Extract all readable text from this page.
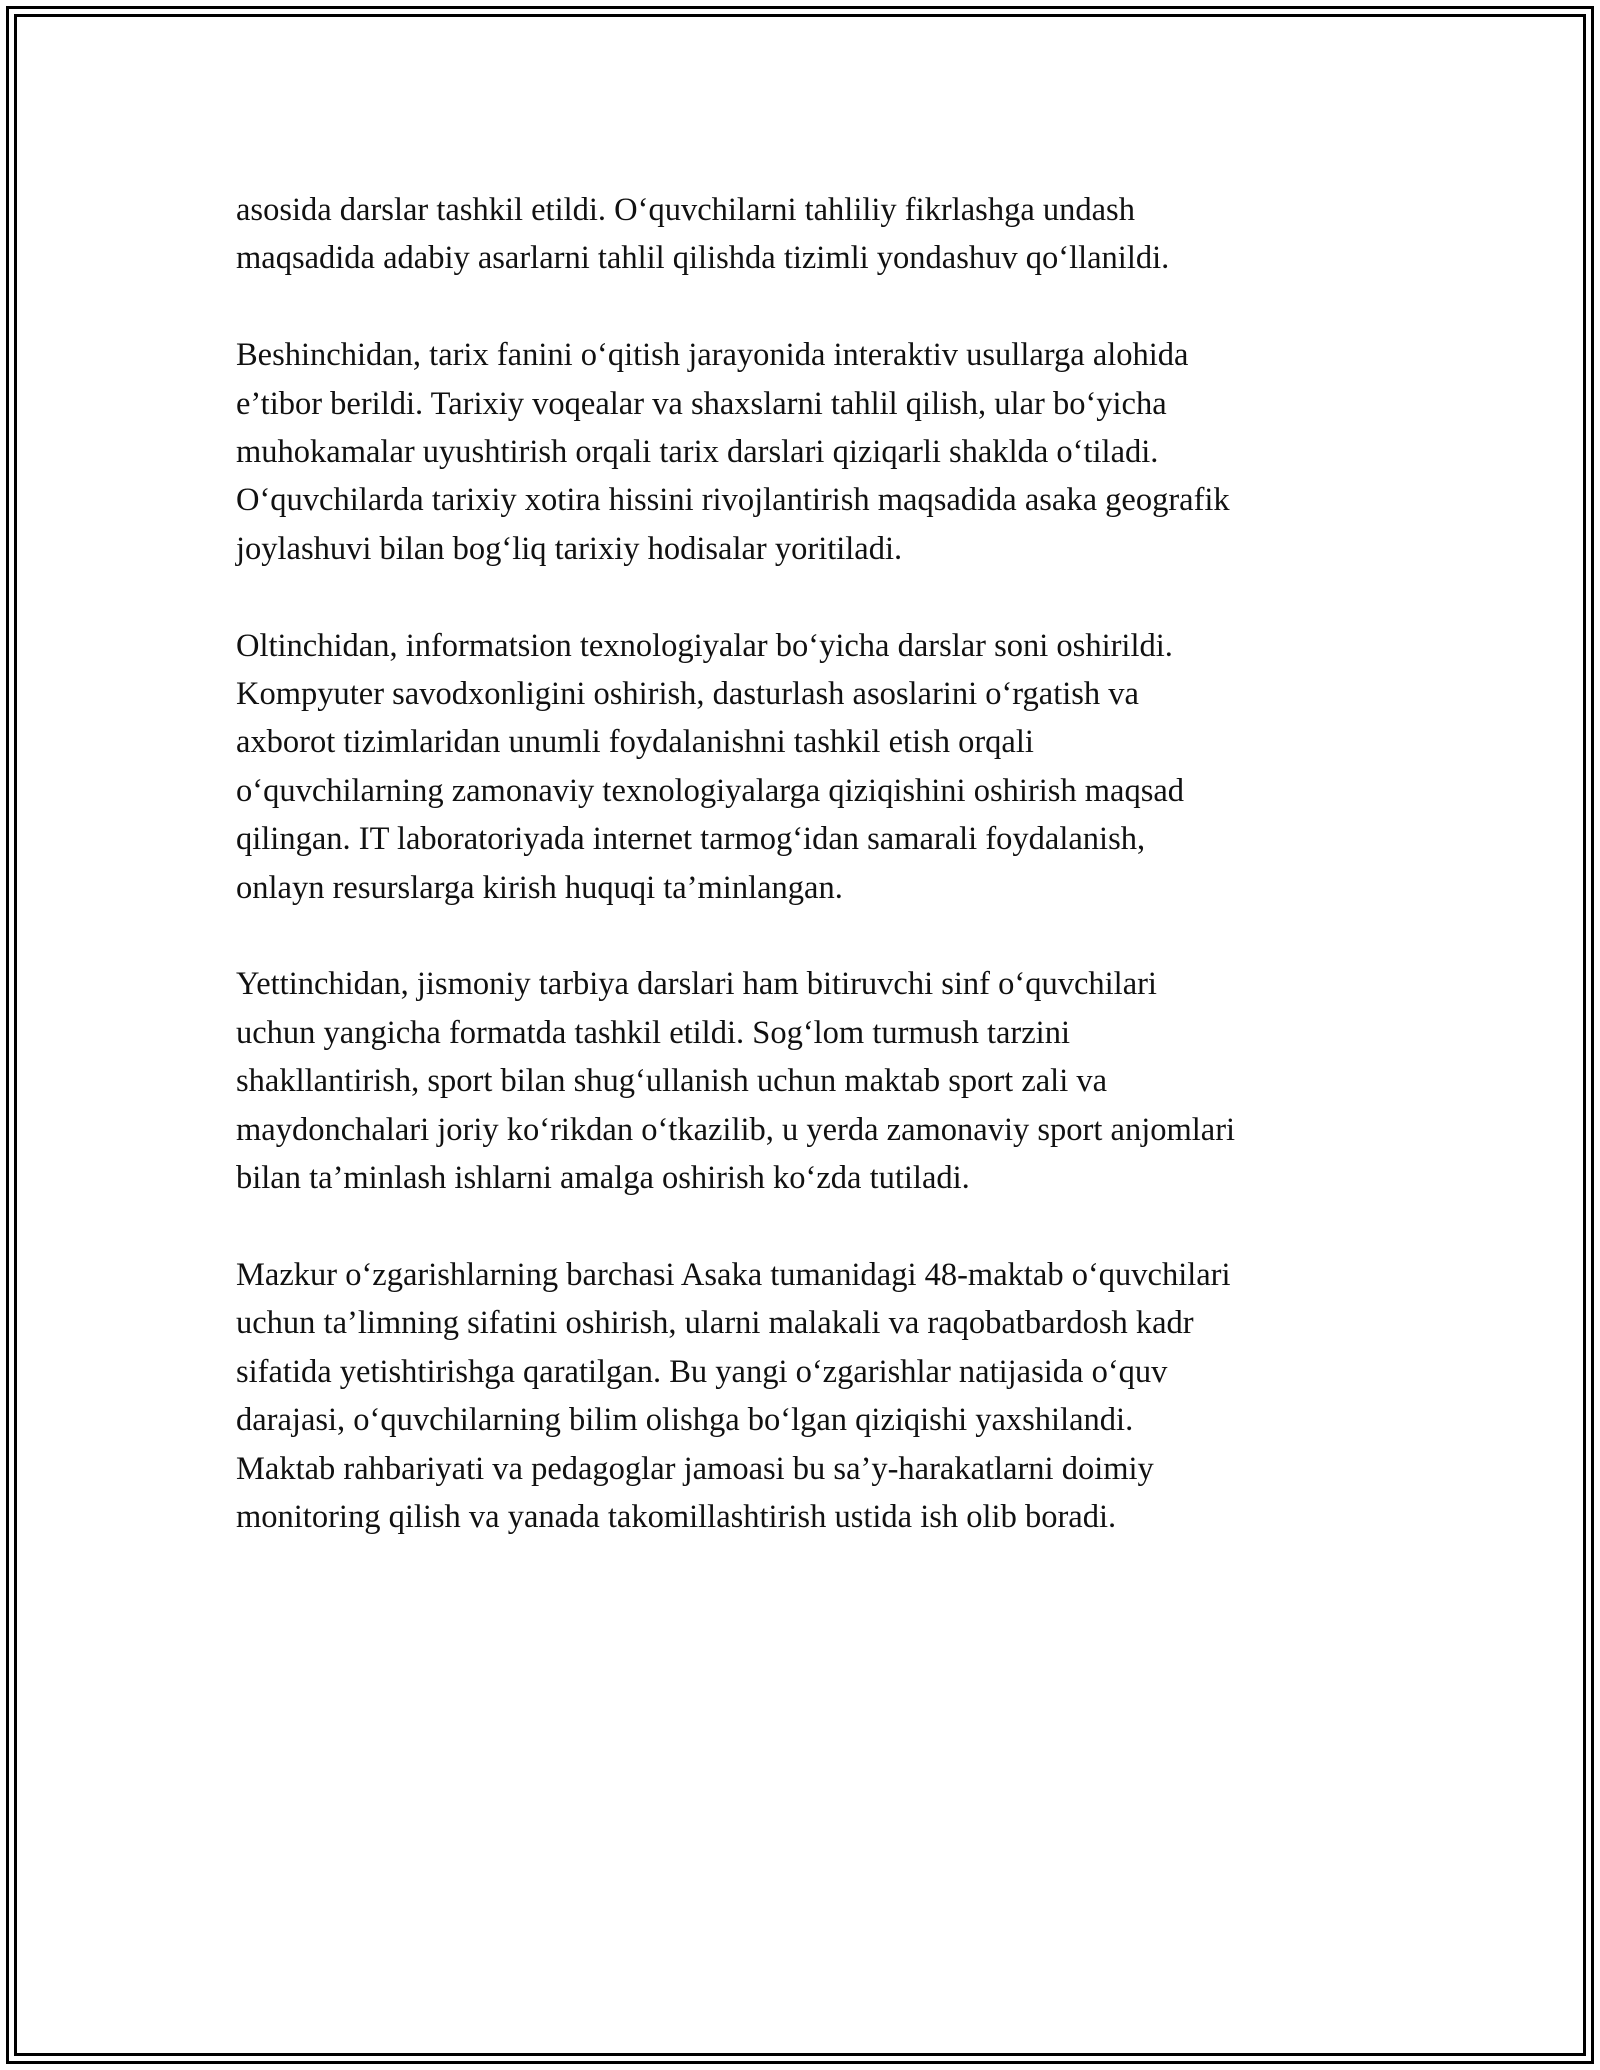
asosida darslar tashkil etildi. O‘quvchilarni tahliliy fikrlashga undash
maqsadida adabiy asarlarni tahlil qilishda tizimli yondashuv qo‘llanildi.

Beshinchidan, tarix fanini o‘qitish jarayonida interaktiv usullarga alohida
e’tibor berildi. Tarixiy voqealar va shaxslarni tahlil qilish, ular bo‘yicha
muhokamalar uyushtirish orqali tarix darslari qiziqarli shaklda o‘tiladi.
O‘quvchilarda tarixiy xotira hissini rivojlantirish maqsadida asaka geografik
joylashuvi bilan bog‘liq tarixiy hodisalar yoritiladi.

Oltinchidan, informatsion texnologiyalar bo‘yicha darslar soni oshirildi.
Kompyuter savodxonligini oshirish, dasturlash asoslarini o‘rgatish va
axborot tizimlaridan unumli foydalanishni tashkil etish orqali
o‘quvchilarning zamonaviy texnologiyalarga qiziqishini oshirish maqsad
qilingan. IT laboratoriyada internet tarmog‘idan samarali foydalanish,
onlayn resurslarga kirish huquqi ta’minlangan.

Yettinchidan, jismoniy tarbiya darslari ham bitiruvchi sinf o‘quvchilari
uchun yangicha formatda tashkil etildi. Sog‘lom turmush tarzini
shakllantirish, sport bilan shug‘ullanish uchun maktab sport zali va
maydonchalari joriy ko‘rikdan o‘tkazilib, u yerda zamonaviy sport anjomlari
bilan ta’minlash ishlarni amalga oshirish ko‘zda tutiladi.

Mazkur o‘zgarishlarning barchasi Asaka tumanidagi 48-maktab o‘quvchilari
uchun ta’limning sifatini oshirish, ularni malakali va raqobatbardosh kadr
sifatida yetishtirishga qaratilgan. Bu yangi o‘zgarishlar natijasida o‘quv
darajasi, o‘quvchilarning bilim olishga bo‘lgan qiziqishi yaxshilandi.
Maktab rahbariyati va pedagoglar jamoasi bu sa’y-harakatlarni doimiy
monitoring qilish va yanada takomillashtirish ustida ish olib boradi.
